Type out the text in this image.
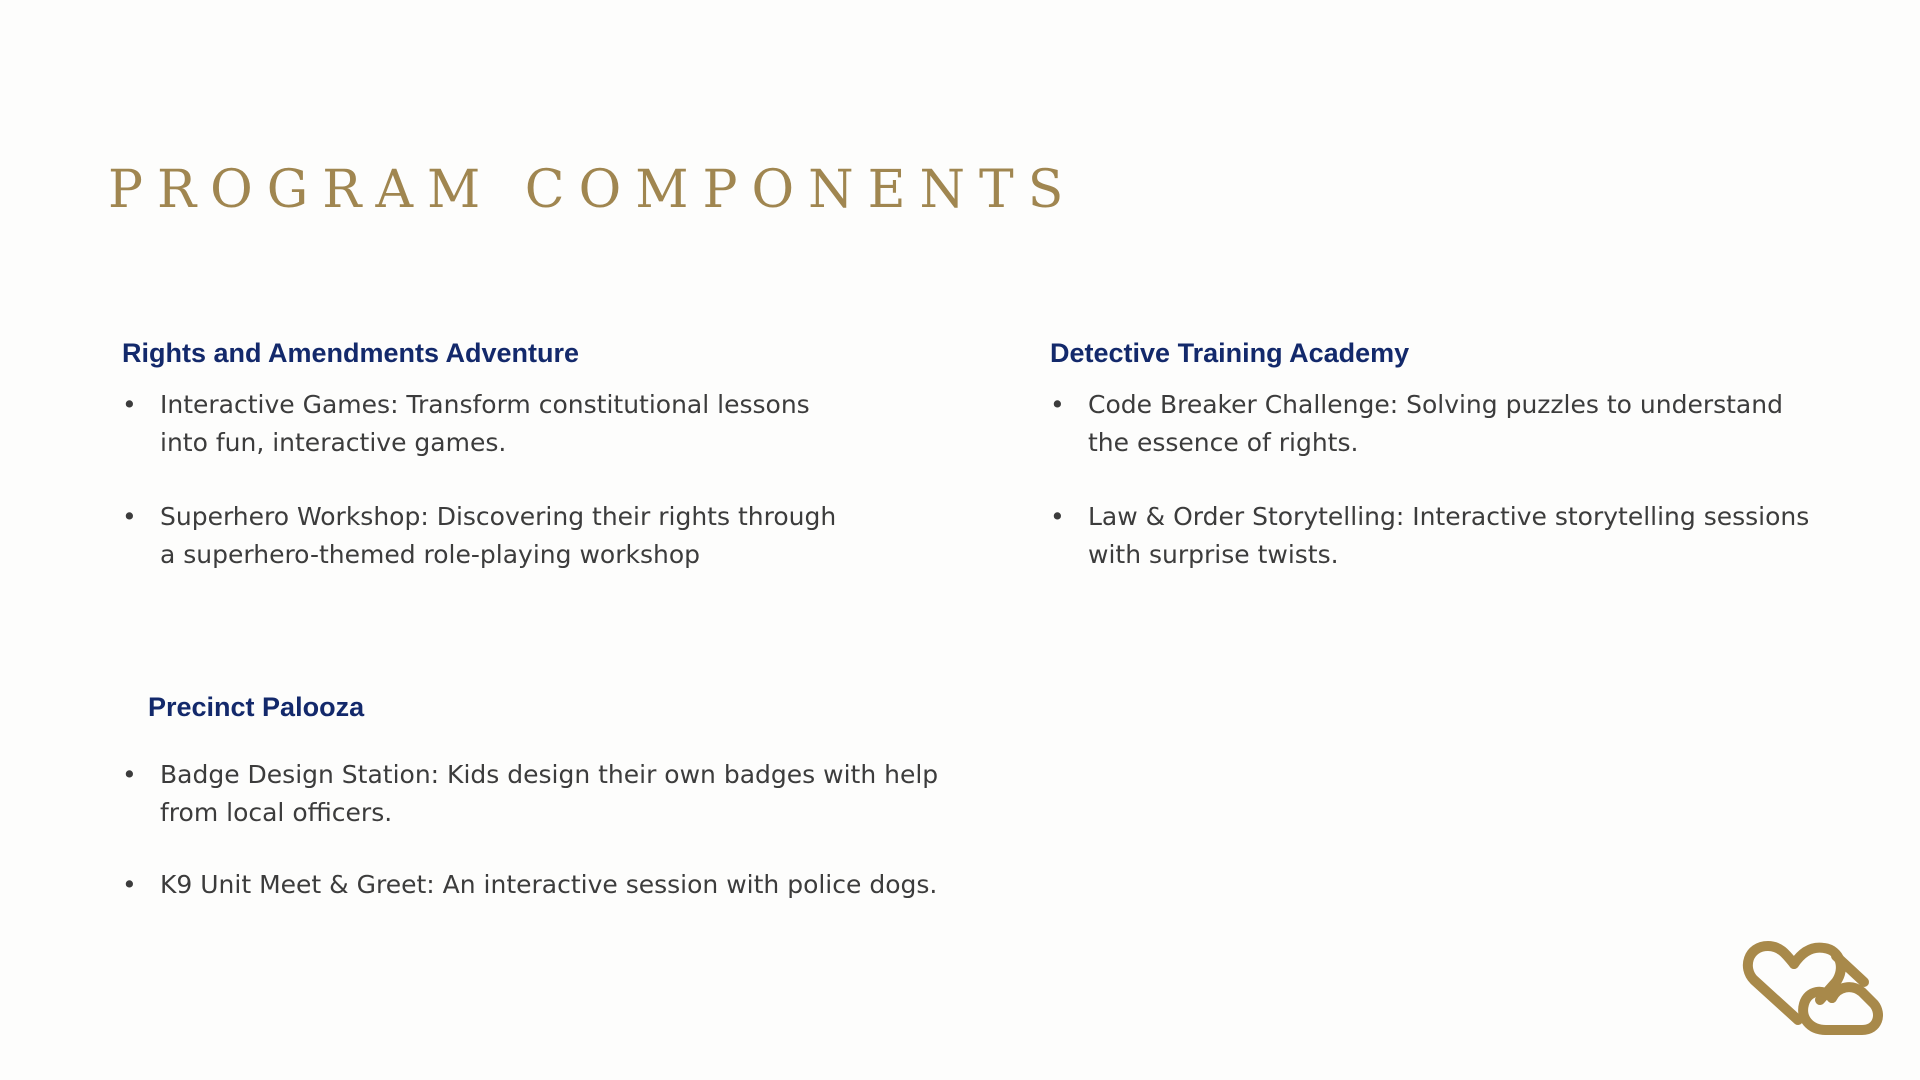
PROGRAM COMPONENTS
Rights and Amendments Adventure
• Interactive Games: Transform constitutional lessons into fun, interactive games.
• Superhero Workshop: Discovering their rights through a superhero-themed role-playing workshop
Detective Training Academy
• Code Breaker Challenge: Solving puzzles to understand the essence of rights.
• Law & Order Storytelling: Interactive storytelling sessions with surprise twists.
Precinct Palooza
• Badge Design Station: Kids design their own badges with help from local officers.
• K9 Unit Meet & Greet: An interactive session with police dogs.
